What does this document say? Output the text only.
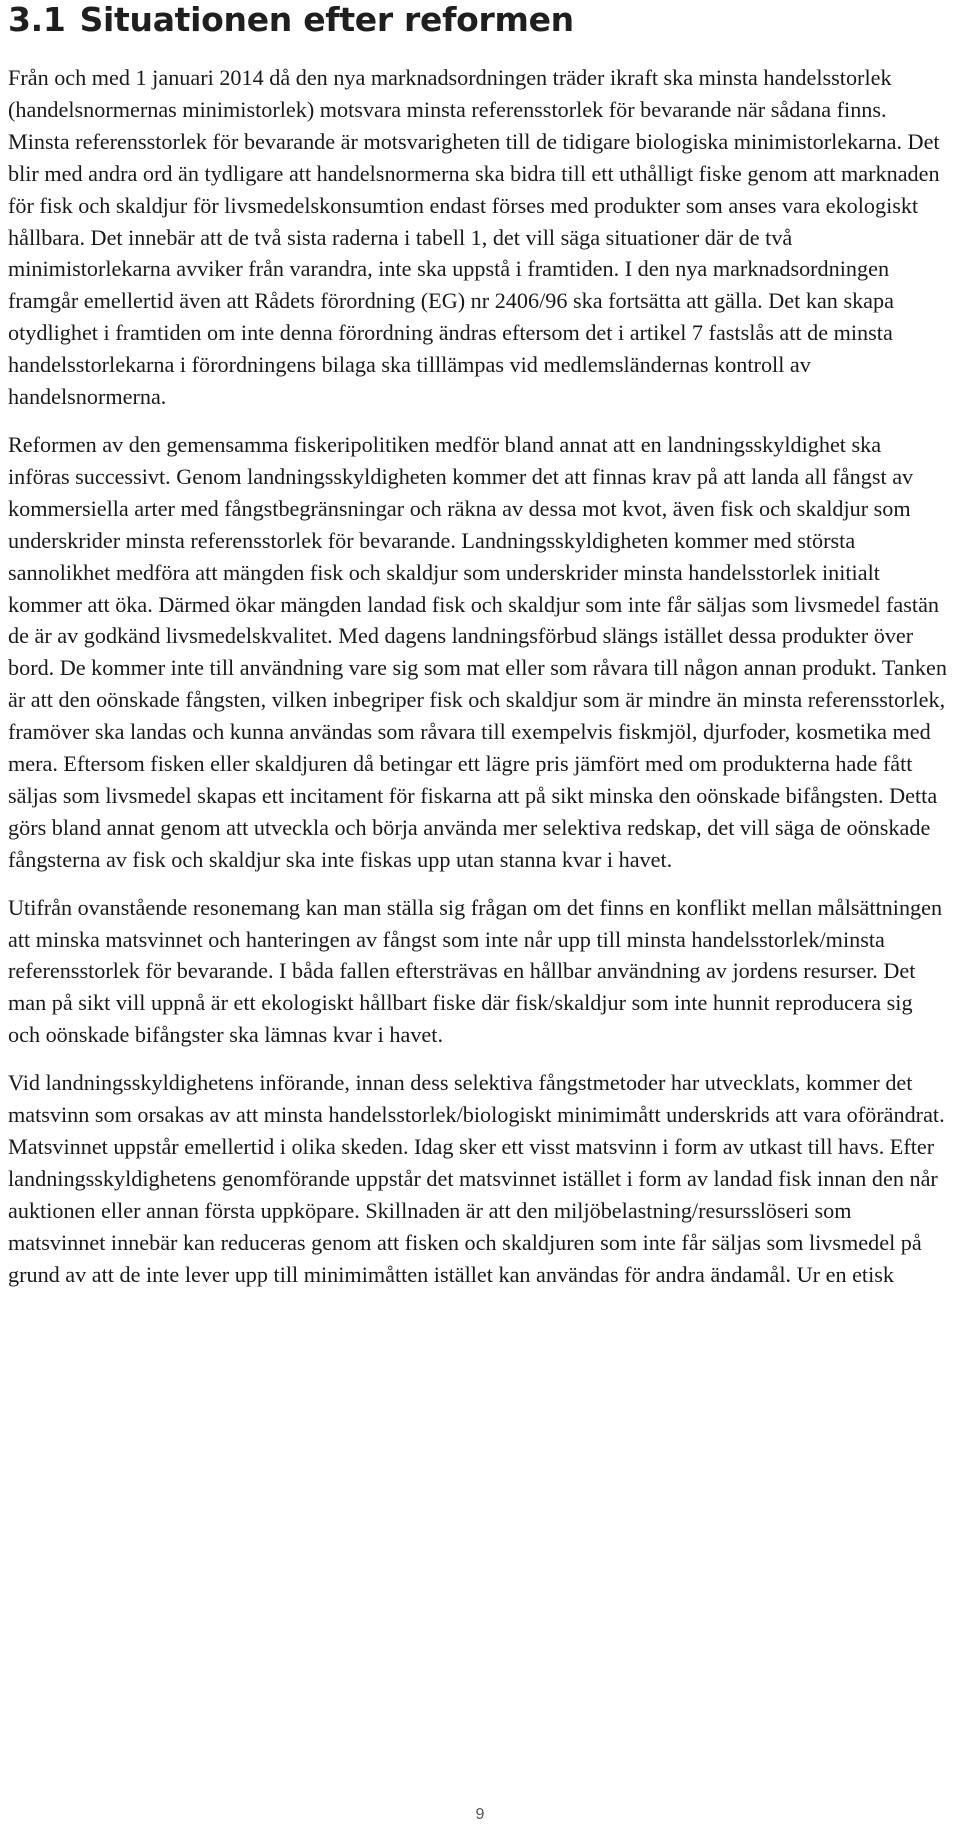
3.1 Situationen efter reformen

Från och med 1 januari 2014 då den nya marknadsordningen träder ikraft ska minsta handelsstorlek (handelsnormernas minimistorlek) motsvara minsta referensstorlek för bevarande när sådana finns. Minsta referensstorlek för bevarande är motsvarigheten till de tidigare biologiska minimistorlekarna. Det blir med andra ord än tydligare att handelsnormerna ska bidra till ett uthålligt fiske genom att marknaden för fisk och skaldjur för livsmedelskonsumtion endast förses med produkter som anses vara ekologiskt hållbara. Det innebär att de två sista raderna i tabell 1, det vill säga situationer där de två minimistorlekarna avviker från varandra, inte ska uppstå i framtiden. I den nya marknadsordningen framgår emellertid även att Rådets förordning (EG) nr 2406/96 ska fortsätta att gälla. Det kan skapa otydlighet i framtiden om inte denna förordning ändras eftersom det i artikel 7 fastslås att de minsta handelsstorlekarna i förordningens bilaga ska tilllämpas vid medlemsländernas kontroll av handelsnormerna.

Reformen av den gemensamma fiskeripolitiken medför bland annat att en landningsskyldighet ska införas successivt. Genom landningsskyldigheten kommer det att finnas krav på att landa all fångst av kommersiella arter med fångstbegränsningar och räkna av dessa mot kvot, även fisk och skaldjur som underskrider minsta referensstorlek för bevarande. Landningsskyldigheten kommer med största sannolikhet medföra att mängden fisk och skaldjur som underskrider minsta handelsstorlek initialt kommer att öka. Därmed ökar mängden landad fisk och skaldjur som inte får säljas som livsmedel fastän de är av godkänd livsmedelskvalitet. Med dagens landningsförbud slängs istället dessa produkter över bord. De kommer inte till användning vare sig som mat eller som råvara till någon annan produkt. Tanken är att den oönskade fångsten, vilken inbegriper fisk och skaldjur som är mindre än minsta referensstorlek, framöver ska landas och kunna användas som råvara till exempelvis fiskmjöl, djurfoder, kosmetika med mera. Eftersom fisken eller skaldjuren då betingar ett lägre pris jämfört med om produkterna hade fått säljas som livsmedel skapas ett incitament för fiskarna att på sikt minska den oönskade bifångsten. Detta görs bland annat genom att utveckla och börja använda mer selektiva redskap, det vill säga de oönskade fångsterna av fisk och skaldjur ska inte fiskas upp utan stanna kvar i havet.

Utifrån ovanstående resonemang kan man ställa sig frågan om det finns en konflikt mellan målsättningen att minska matsvinnet och hanteringen av fångst som inte når upp till minsta handelsstorlek/minsta referensstorlek för bevarande. I båda fallen eftersträvas en hållbar användning av jordens resurser. Det man på sikt vill uppnå är ett ekologiskt hållbart fiske där fisk/skaldjur som inte hunnit reproducera sig och oönskade bifångster ska lämnas kvar i havet.

Vid landningsskyldighetens införande, innan dess selektiva fångstmetoder har utvecklats, kommer det matsvinn som orsakas av att minsta handelsstorlek/biologiskt minimimått underskrids att vara oförändrat. Matsvinnet uppstår emellertid i olika skeden. Idag sker ett visst matsvinn i form av utkast till havs. Efter landningsskyldighetens genomförande uppstår det matsvinnet istället i form av landad fisk innan den når auktionen eller annan första uppköpare. Skillnaden är att den miljöbelastning/resursslöseri som matsvinnet innebär kan reduceras genom att fisken och skaldjuren som inte får säljas som livsmedel på grund av att de inte lever upp till minimimåtten istället kan användas för andra ändamål. Ur en etisk

9
